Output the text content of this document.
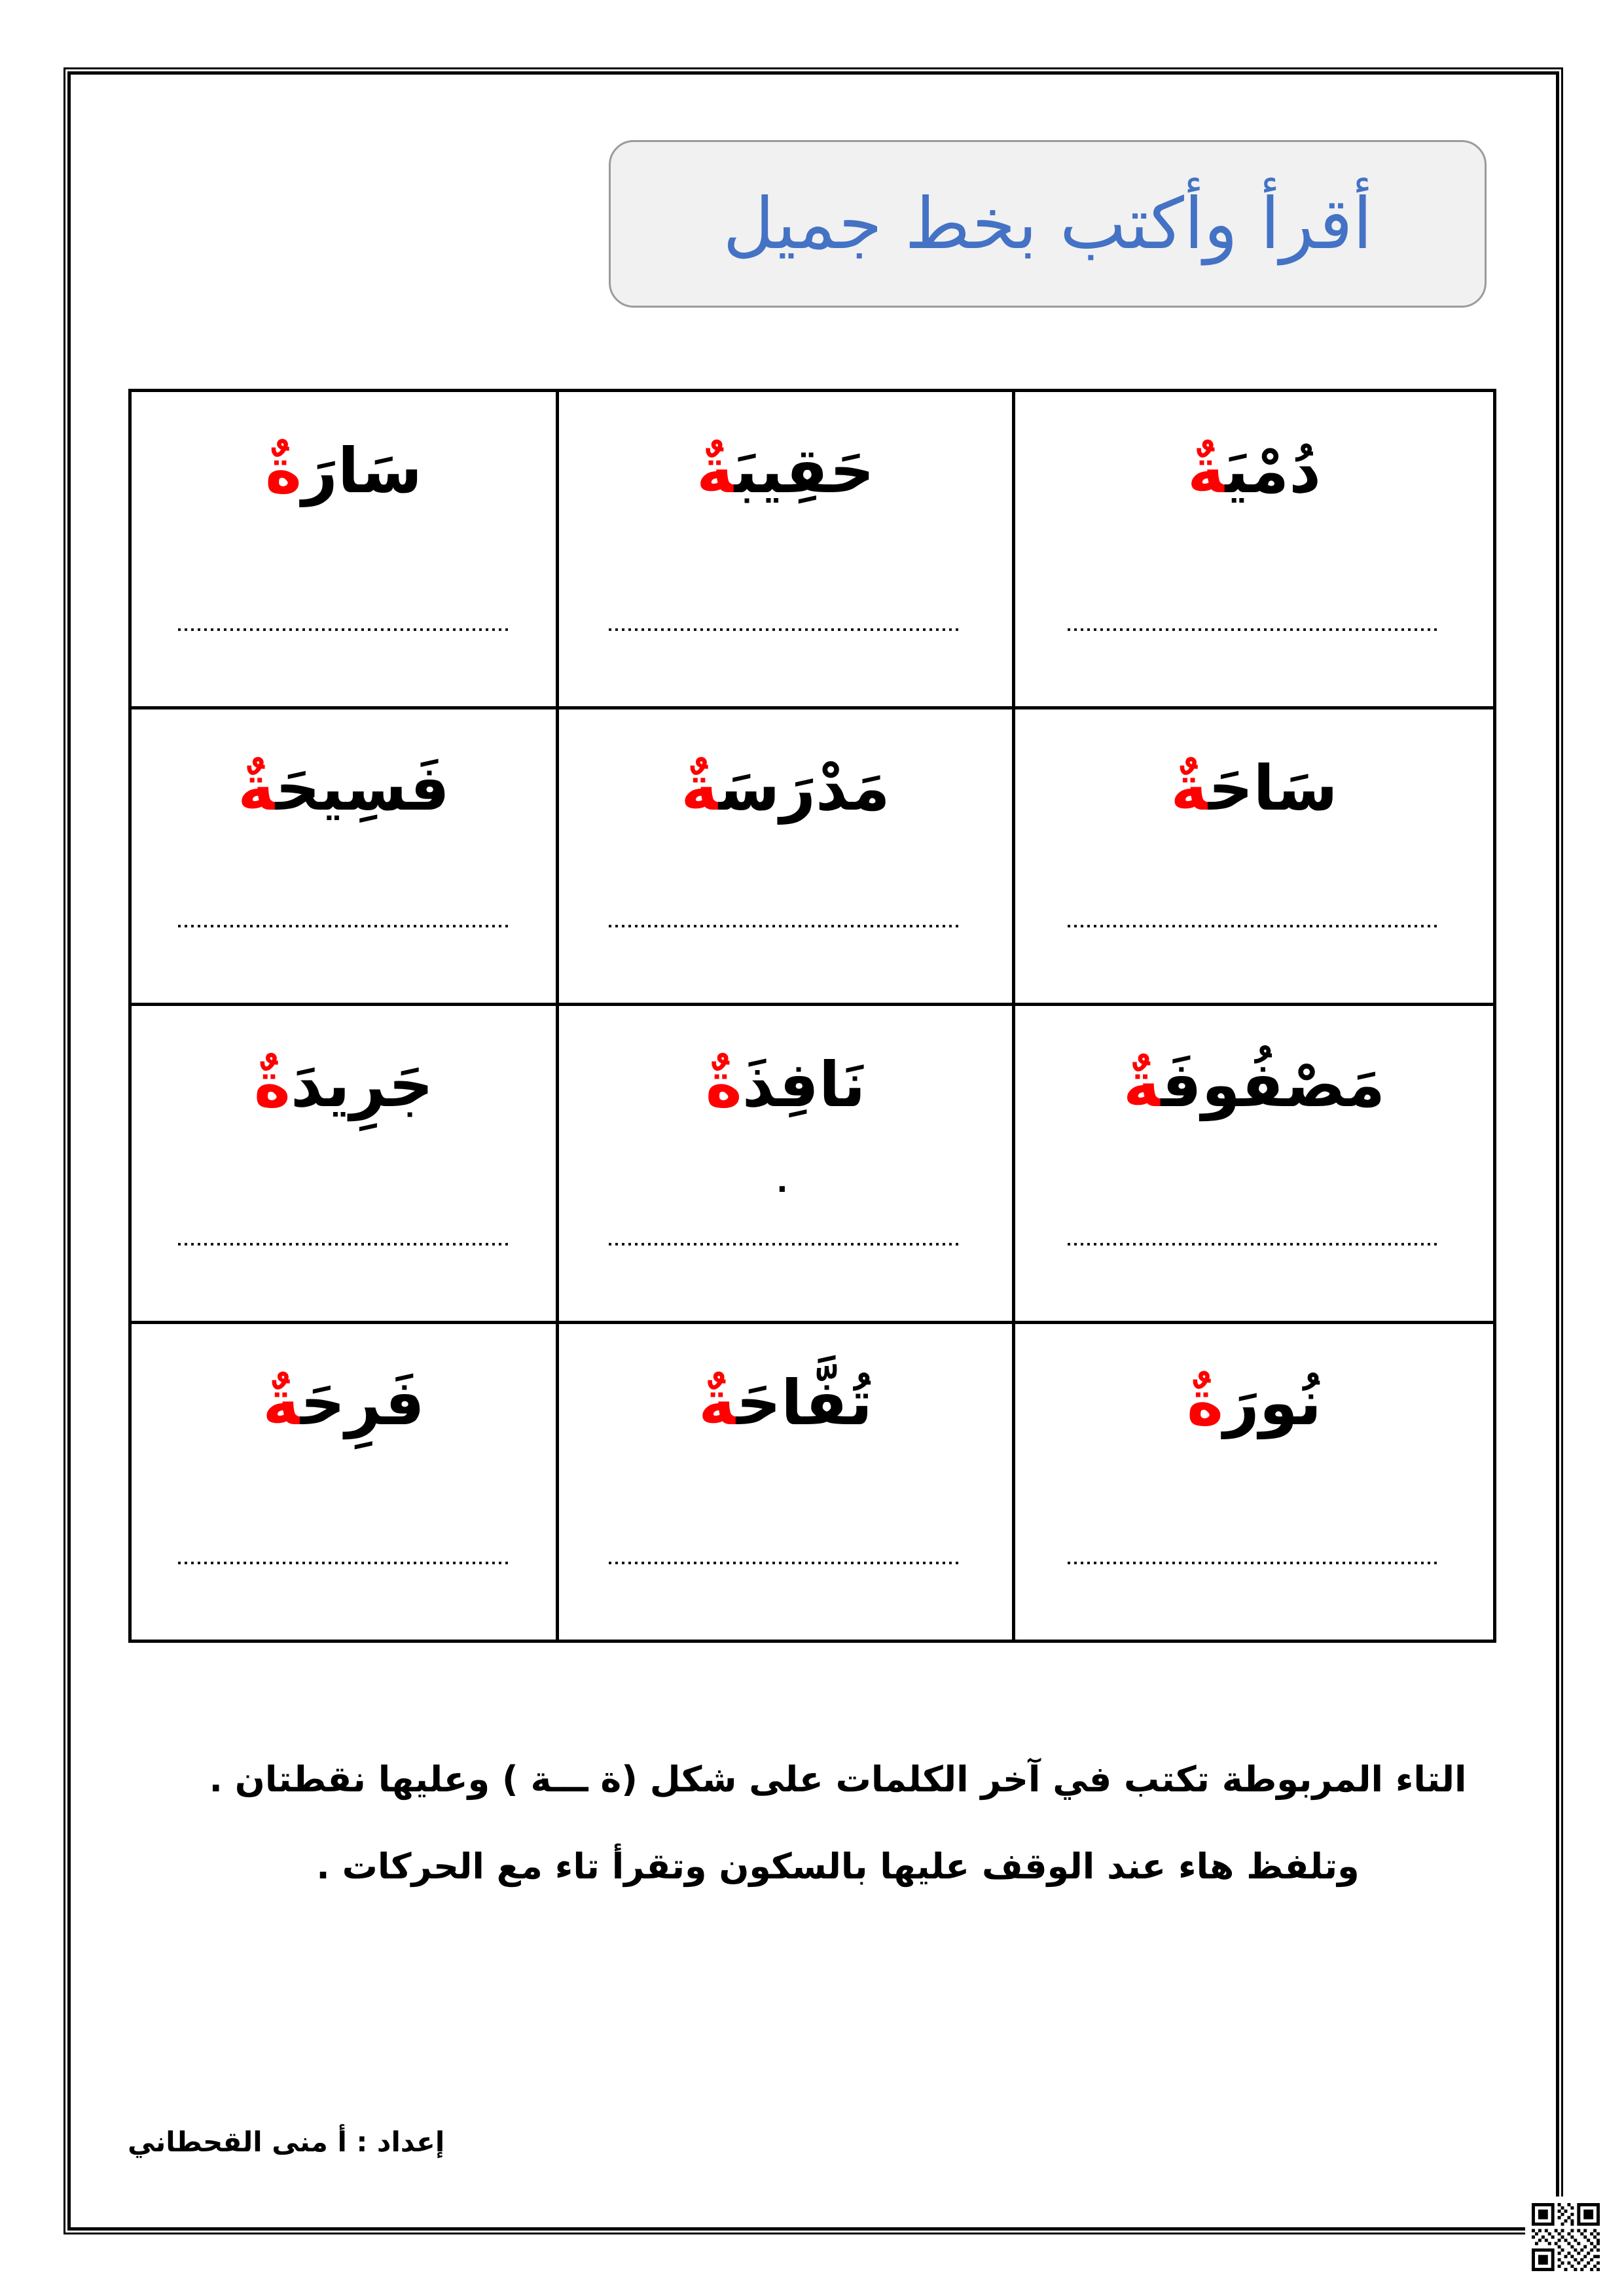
أقرأ وأكتب بخط جميل
دُمْيَ‍‍ةٌ
حَقِيبَ‍‍ةٌ
سَارَةٌ
سَاحَ‍‍ةٌ
مَدْرَسَ‍‍ةٌ
فَسِيحَ‍‍ةٌ
مَصْفُوفَ‍‍ةٌ
نَافِذَةٌ
.
جَرِيدَةٌ
نُورَةٌ
تُفَّاحَ‍‍ةٌ
فَرِحَ‍‍ةٌ
التاء المربوطة تكتب في آخر الكلمات على شكل (ة ـــة ) وعليها نقطتان .
وتلفظ هاء عند الوقف عليها بالسكون وتقرأ تاء مع الحركات .
إعداد : أ منى القحطاني
